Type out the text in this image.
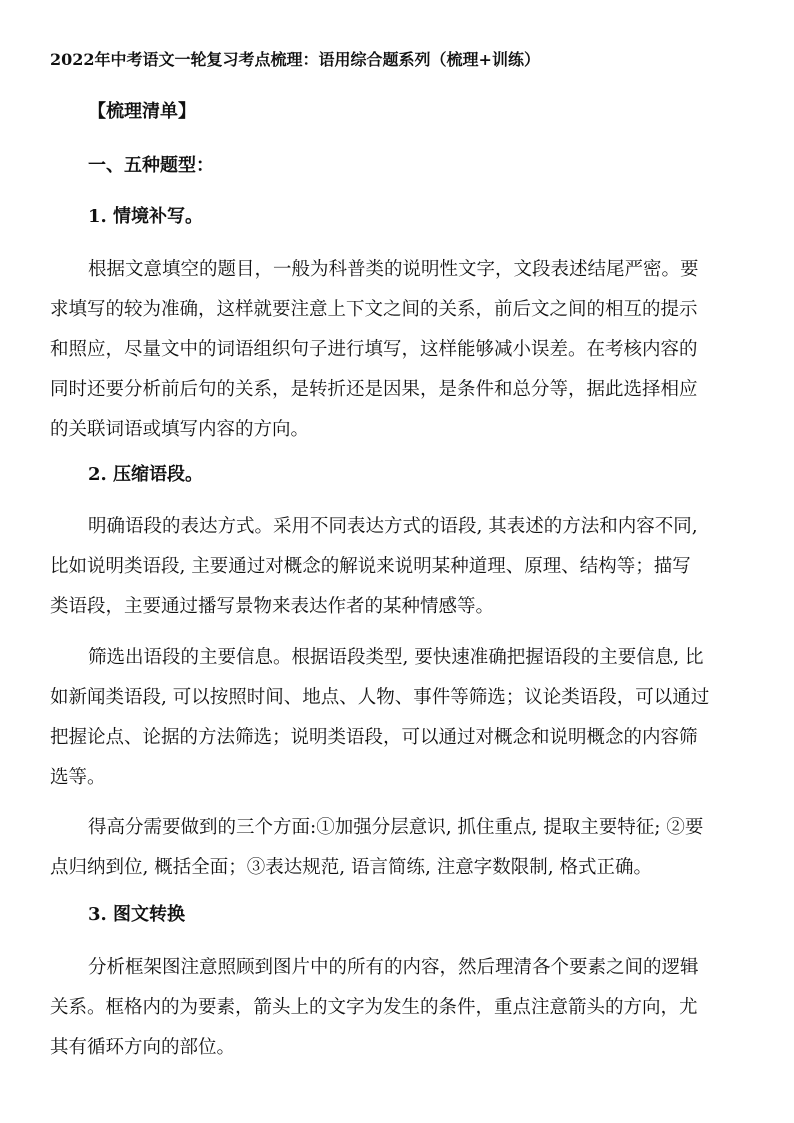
2022年中考语文一轮复习考点梳理：语用综合题系列（梳理+训练）
【梳理清单】
一、五种题型：
1. 情境补写。
根据文意填空的题目，一般为科普类的说明性文字，文段表述结尾严密。要
求填写的较为准确，这样就要注意上下文之间的关系，前后文之间的相互的提示
和照应，尽量文中的词语组织句子进行填写，这样能够减小误差。在考核内容的
同时还要分析前后句的关系，是转折还是因果，是条件和总分等，据此选择相应
的关联词语或填写内容的方向。
2. 压缩语段。
明确语段的表达方式。采用不同表达方式的语段, 其表述的方法和内容不同,
比如说明类语段, 主要通过对概念的解说来说明某种道理、原理、结构等；描写
类语段，主要通过播写景物来表达作者的某种情感等。
筛选出语段的主要信息。根据语段类型, 要快速准确把握语段的主要信息, 比
如新闻类语段, 可以按照时间、地点、人物、事件等筛选；议论类语段，可以通过
把握论点、论据的方法筛选；说明类语段，可以通过对概念和说明概念的内容筛
选等。
得高分需要做到的三个方面:①加强分层意识, 抓住重点, 提取主要特征; ②要
点归纳到位, 概括全面；③表达规范, 语言简练, 注意字数限制, 格式正确。
3. 图文转换
分析框架图注意照顾到图片中的所有的内容，然后理清各个要素之间的逻辑
关系。框格内的为要素，箭头上的文字为发生的条件，重点注意箭头的方向，尤
其有循环方向的部位。
